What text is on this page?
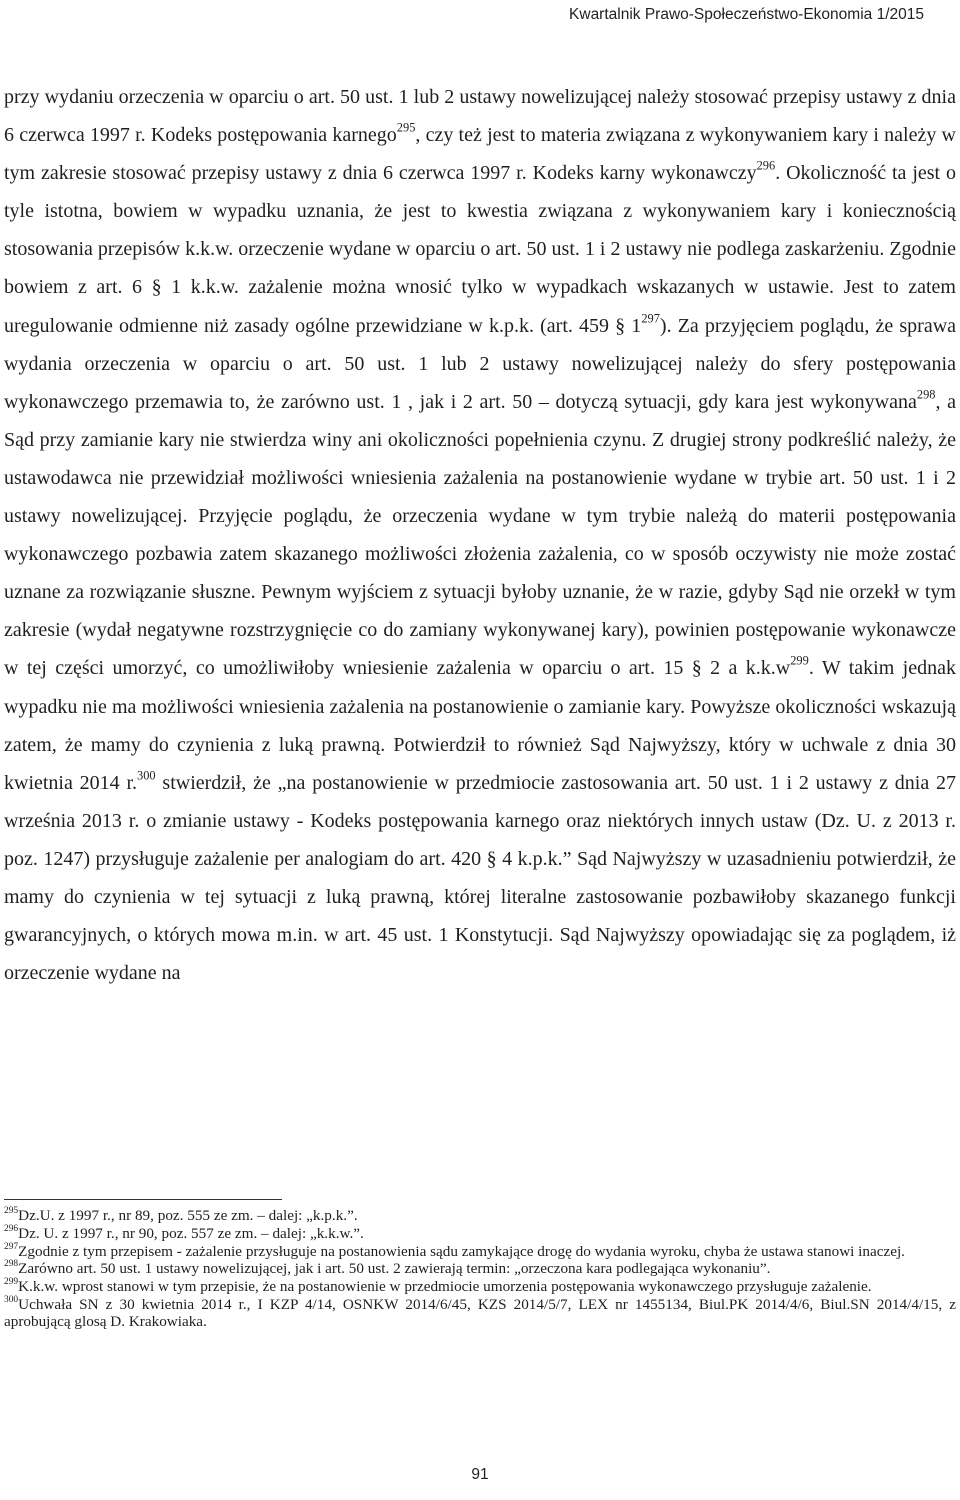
Kwartalnik Prawo-Społeczeństwo-Ekonomia 1/2015

przy wydaniu orzeczenia w oparciu o art. 50 ust. 1 lub 2 ustawy nowelizującej należy stosować przepisy ustawy z dnia 6 czerwca 1997 r. Kodeks postępowania karnego$^{295}$, czy też jest to materia związana z wykonywaniem kary i należy w tym zakresie stosować przepisy ustawy z dnia 6 czerwca 1997 r. Kodeks karny wykonawczy$^{296}$. Okoliczność ta jest o tyle istotna, bowiem w wypadku uznania, że jest to kwestia związana z wykonywaniem kary i koniecznością stosowania przepisów k.k.w. orzeczenie wydane w oparciu o art. 50 ust. 1 i 2 ustawy nie podlega zaskarżeniu. Zgodnie bowiem z art. 6 § 1 k.k.w. zażalenie można wnosić tylko w wypadkach wskazanych w ustawie. Jest to zatem uregulowanie odmienne niż zasady ogólne przewidziane w k.p.k. (art. 459 § $1^{297}$). Za przyjęciem poglądu, że sprawa wydania orzeczenia w oparciu o art. 50 ust. 1 lub 2 ustawy nowelizującej należy do sfery postępowania wykonawczego przemawia to, że zarówno ust. 1 , jak i 2 art. 50 – dotyczą sytuacji, gdy kara jest wykonywana$^{298}$, a Sąd przy zamianie kary nie stwierdza winy ani okoliczności popełnienia czynu. Z drugiej strony podkreślić należy, że ustawodawca nie przewidział możliwości wniesienia zażalenia na postanowienie wydane w trybie art. 50 ust. 1 i 2 ustawy nowelizującej. Przyjęcie poglądu, że orzeczenia wydane w tym trybie należą do materii postępowania wykonawczego pozbawia zatem skazanego możliwości złożenia zażalenia, co w sposób oczywisty nie może zostać uznane za rozwiązanie słuszne. Pewnym wyjściem z sytuacji byłoby uznanie, że w razie, gdyby Sąd nie orzekł w tym zakresie (wydał negatywne rozstrzygnięcie co do zamiany wykonywanej kary), powinien postępowanie wykonawcze w tej części umorzyć, co umożliwiłoby wniesienie zażalenia w oparciu o art. 15 § 2 a $k.k.w^{299}$. W takim jednak wypadku nie ma możliwości wniesienia zażalenia na postanowienie o zamianie kary. Powyższe okoliczności wskazują zatem, że mamy do czynienia z luką prawną. Potwierdził to również Sąd Najwyższy, który w uchwale z dnia 30 kwietnia 2014 r.$^{300}$ stwierdził, że „na postanowienie w przedmiocie zastosowania art. 50 ust. 1 i 2 ustawy z dnia 27 września 2013 r. o zmianie ustawy - Kodeks postępowania karnego oraz niektórych innych ustaw (Dz. U. z 2013 r. poz. 1247) przysługuje zażalenie per analogiam do art. 420 § 4 k.p.k.” Sąd Najwyższy w uzasadnieniu potwierdził, że mamy do czynienia w tej sytuacji z luką prawną, której literalne zastosowanie pozbawiłoby skazanego funkcji gwarancyjnych, o których mowa m.in. w art. 45 ust. 1 Konstytucji. Sąd Najwyższy opowiadając się za poglądem, iż orzeczenie wydane na

$^{295}$Dz.U. z 1997 r., nr 89, poz. 555 ze zm. – dalej: „k.p.k.”.

$^{296}$Dz. U. z 1997 r., nr 90, poz. 557 ze zm. – dalej: „k.k.w.”.

$^{297}$Zgodnie z tym przepisem - zażalenie przysługuje na postanowienia sądu zamykające drogę do wydania wyroku, chyba że ustawa stanowi inaczej.

$^{298}$Zarówno art. 50 ust. 1 ustawy nowelizującej, jak i art. 50 ust. 2 zawierają termin: „orzeczona kara podlegająca wykonaniu”.

$^{299}$K.k.w. wprost stanowi w tym przepisie, że na postanowienie w przedmiocie umorzenia postępowania wykonawczego przysługuje zażalenie.

$^{300}$Uchwała SN z 30 kwietnia 2014 r., I KZP 4/14, OSNKW 2014/6/45, KZS 2014/5/7, LEX nr 1455134, Biul.PK 2014/4/6, Biul.SN 2014/4/15, z aprobującą glosą D. Krakowiaka.

91
